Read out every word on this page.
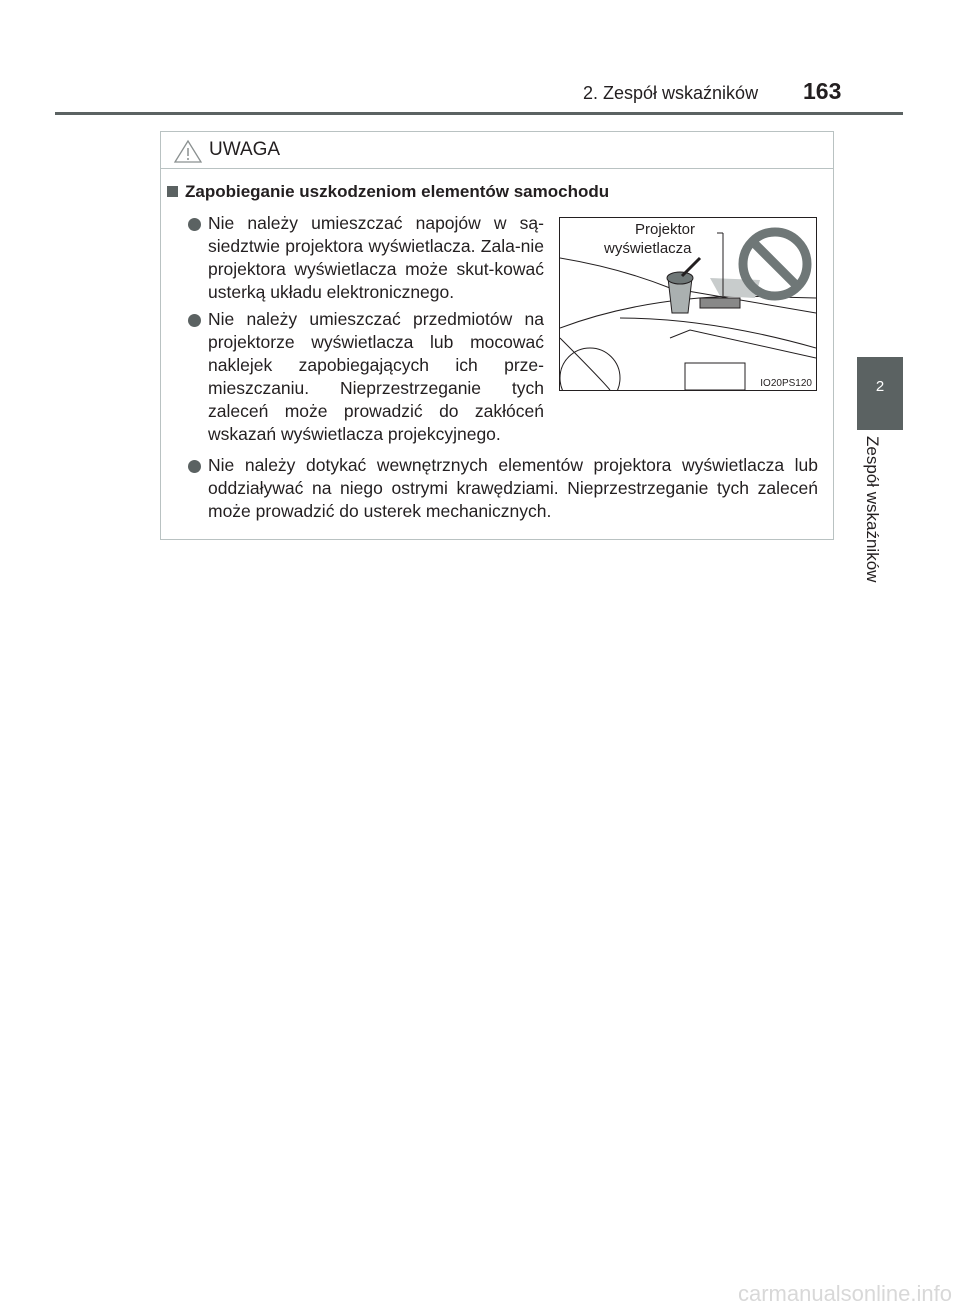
2. Zespół wskaźników 163
2
Zespół wskaźników
UWAGA
Zapobieganie uszkodzeniom elementów samochodu
Nie należy umieszczać napojów w są-siedztwie projektora wyświetlacza. Zala-nie projektora wyświetlacza może skut-kować usterką układu elektronicznego.
Nie należy umieszczać przedmiotów na projektorze wyświetlacza lub mocować naklejek zapobiegających ich prze-mieszczaniu. Nieprzestrzeganie tych zaleceń może prowadzić do zakłóceń wskazań wyświetlacza projekcyjnego.
Nie należy dotykać wewnętrznych elementów projektora wyświetlacza lub oddziaływać na niego ostrymi krawędziami. Nieprzestrzeganie tych zaleceń może prowadzić do usterek mechanicznych.
Projektor
wyświetlacza
IO20PS120
carmanualsonline.info
